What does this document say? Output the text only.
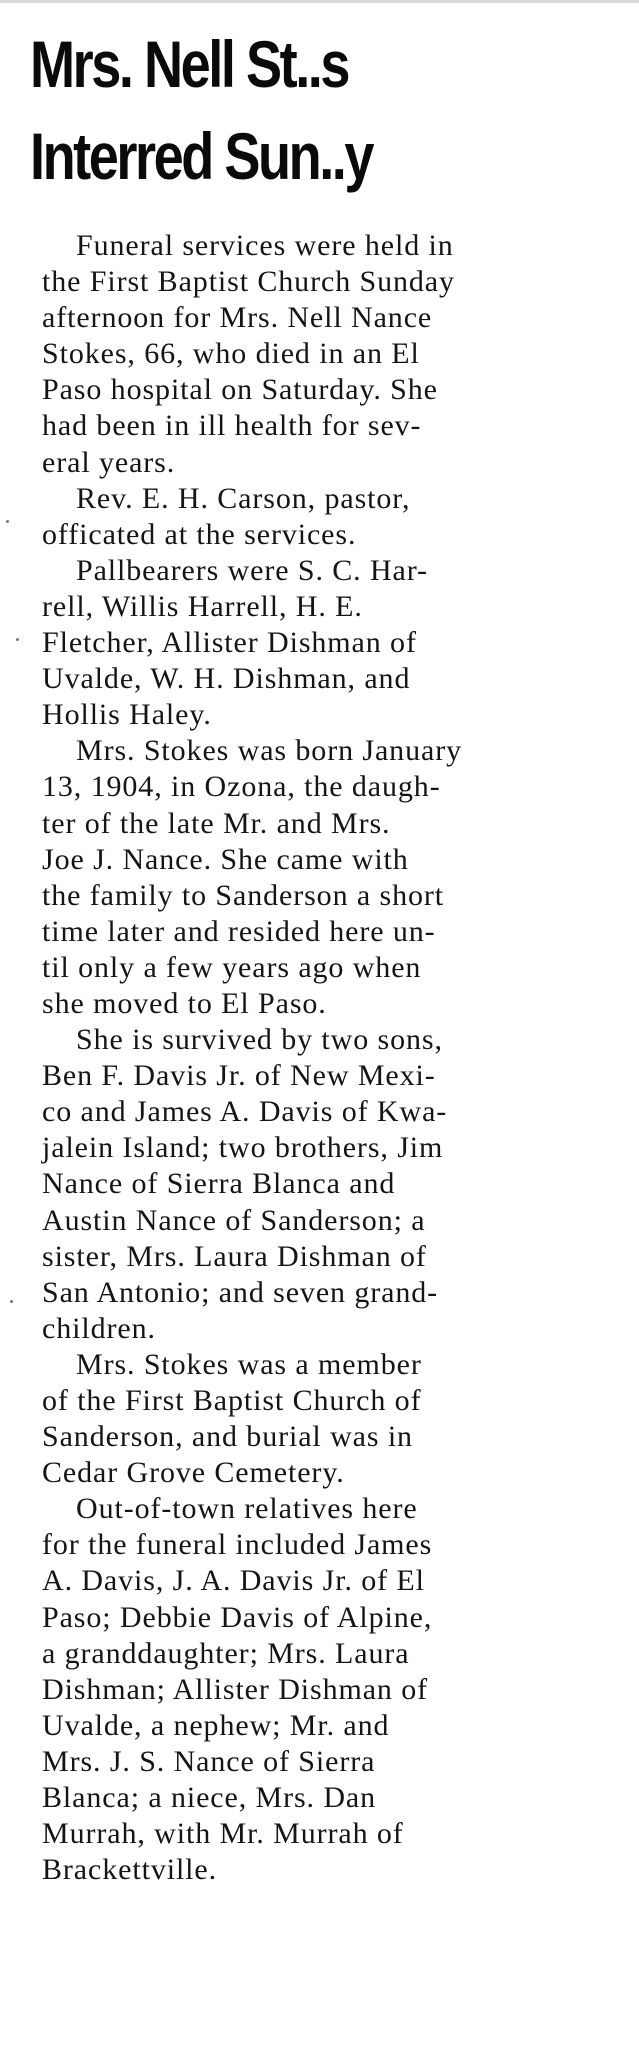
Mrs. Nell St..s
Interred Sun..y

Funeral services were held in
the First Baptist Church Sunday
afternoon for Mrs. Nell Nance
Stokes, 66, who died in an El
Paso hospital on Saturday. She
had been in ill health for sev-
eral years.

Rev. E. H. Carson, pastor,
officated at the services.

Pallbearers were S. C. Har-
rell, Willis Harrell, H. E.
Fletcher, Allister Dishman of
Uvalde, W. H. Dishman, and
Hollis Haley.

Mrs. Stokes was born January
13, 1904, in Ozona, the daugh-
ter of the late Mr. and Mrs.
Joe J. Nance. She came with
the family to Sanderson a short
time later and resided here un-
til only a few years ago when
she moved to El Paso.

She is survived by two sons,
Ben F. Davis Jr. of New Mexi-
co and James A. Davis of Kwa-
jalein Island; two brothers, Jim
Nance of Sierra Blanca and
Austin Nance of Sanderson; a
sister, Mrs. Laura Dishman of
San Antonio; and seven grand-
children.

Mrs. Stokes was a member
of the First Baptist Church of
Sanderson, and burial was in
Cedar Grove Cemetery.

Out-of-town relatives here
for the funeral included James
A. Davis, J. A. Davis Jr. of El
Paso; Debbie Davis of Alpine,
a granddaughter; Mrs. Laura
Dishman; Allister Dishman of
Uvalde, a nephew; Mr. and
Mrs. J. S. Nance of Sierra
Blanca; a niece, Mrs. Dan
Murrah, with Mr. Murrah of
Brackettville.
